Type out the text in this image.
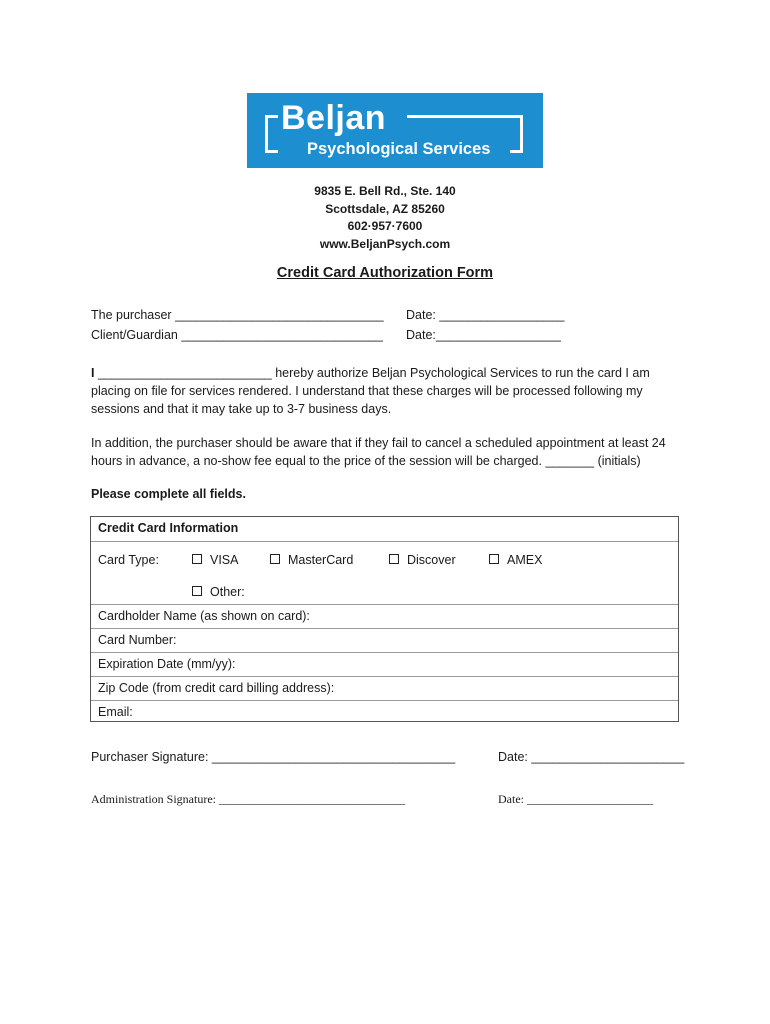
Beljan
Psychological Services
9835 E. Bell Rd., Ste. 140
Scottsdale, AZ 85260
602·957·7600
www.BeljanPsych.com
Credit Card Authorization Form
The purchaser ______________________________ Date: __________________
Client/Guardian _____________________________ Date:__________________
I _________________________ hereby authorize Beljan Psychological Services to run the card I am placing on file for services rendered. I understand that these charges will be processed following my sessions and that it may take up to 3-7 business days.
In addition, the purchaser should be aware that if they fail to cancel a scheduled appointment at least 24 hours in advance, a no-show fee equal to the price of the session will be charged. _______ (initials)
Please complete all fields.
Credit Card Information
Card Type:	VISA	MasterCard	Discover	AMEX
Other:
Cardholder Name (as shown on card):
Card Number:
Expiration Date (mm/yy):
Zip Code (from credit card billing address):
Email:
Purchaser Signature: ___________________________________	Date: ______________________
Administration Signature: _______________________________	Date: _____________________
